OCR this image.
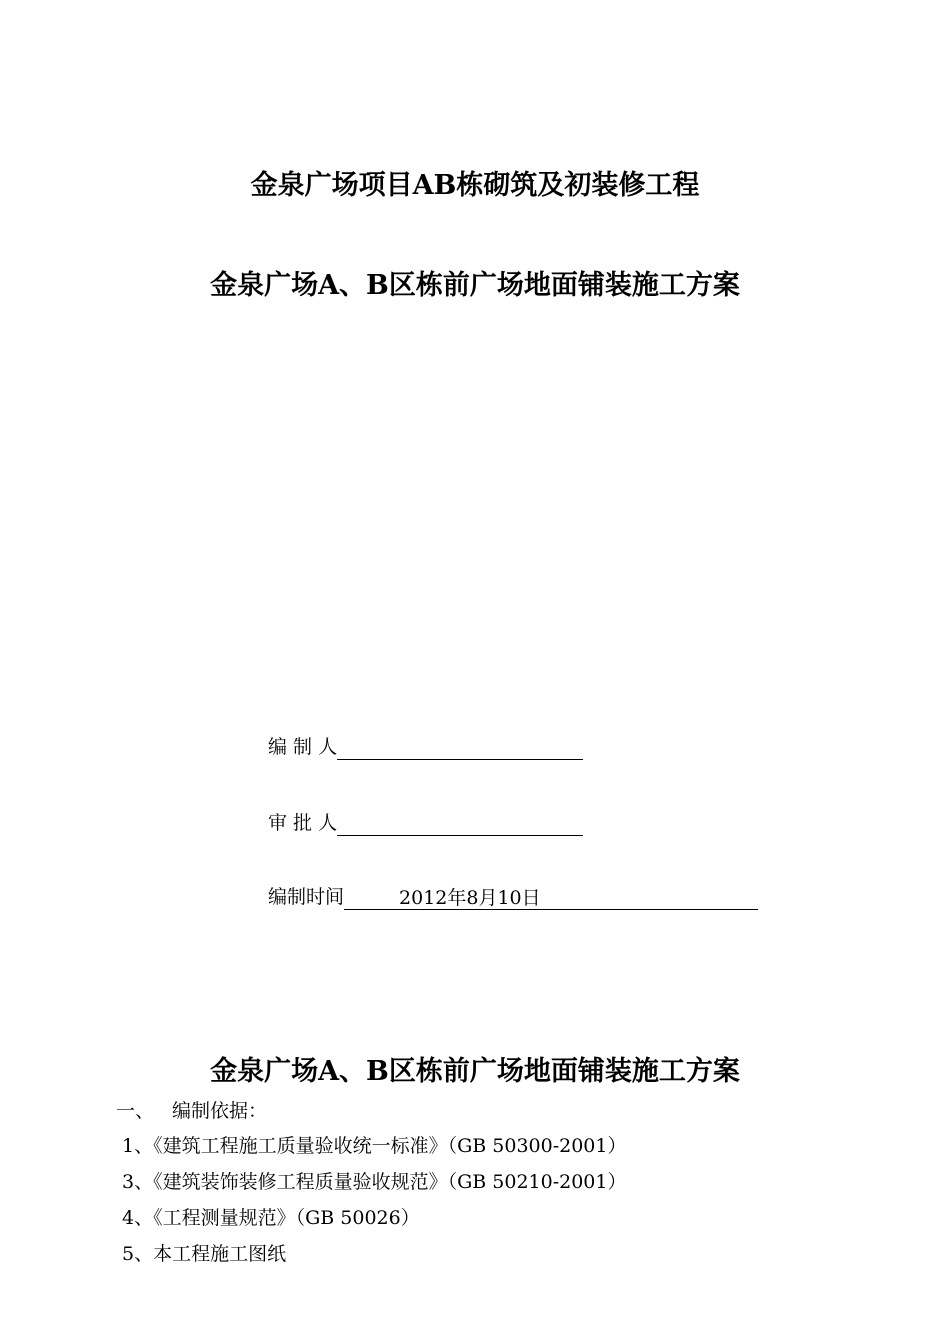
金泉广场项目AB栋砌筑及初装修工程
金泉广场A、B区栋前广场地面铺装施工方案
编 制 人
审 批 人
编制时间	2012年8月10日
金泉广场A、B区栋前广场地面铺装施工方案
一、 编制依据：
1、《建筑工程施工质量验收统一标准》（GB 50300-2001）
3、《建筑装饰装修工程质量验收规范》（GB 50210-2001）
4、《工程测量规范》（GB 50026）
5、本工程施工图纸
